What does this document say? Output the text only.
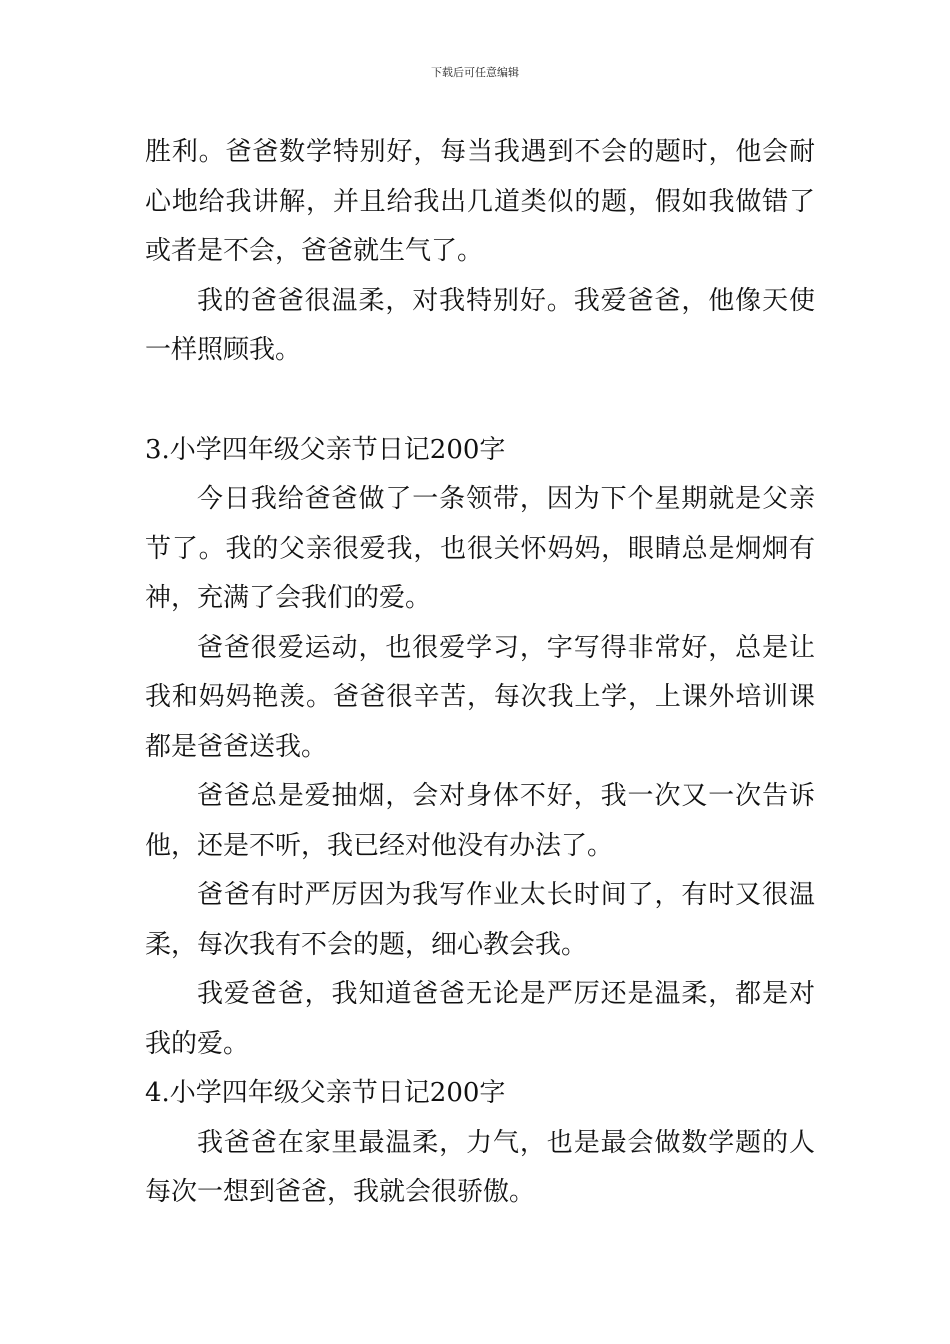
下载后可任意编辑

胜利。爸爸数学特别好，每当我遇到不会的题时，他会耐心地给我讲解，并且给我出几道类似的题，假如我做错了或者是不会，爸爸就生气了。

我的爸爸很温柔，对我特别好。我爱爸爸，他像天使一样照顾我。

3.小学四年级父亲节日记200字

今日我给爸爸做了一条领带，因为下个星期就是父亲节了。我的父亲很爱我，也很关怀妈妈，眼睛总是炯炯有神，充满了会我们的爱。

爸爸很爱运动，也很爱学习，字写得非常好，总是让我和妈妈艳羡。爸爸很辛苦，每次我上学，上课外培训课都是爸爸送我。

爸爸总是爱抽烟，会对身体不好，我一次又一次告诉他，还是不听，我已经对他没有办法了。

爸爸有时严厉因为我写作业太长时间了，有时又很温柔，每次我有不会的题，细心教会我。

我爱爸爸，我知道爸爸无论是严厉还是温柔，都是对我的爱。

4.小学四年级父亲节日记200字

我爸爸在家里最温柔，力气，也是最会做数学题的人每次一想到爸爸，我就会很骄傲。
